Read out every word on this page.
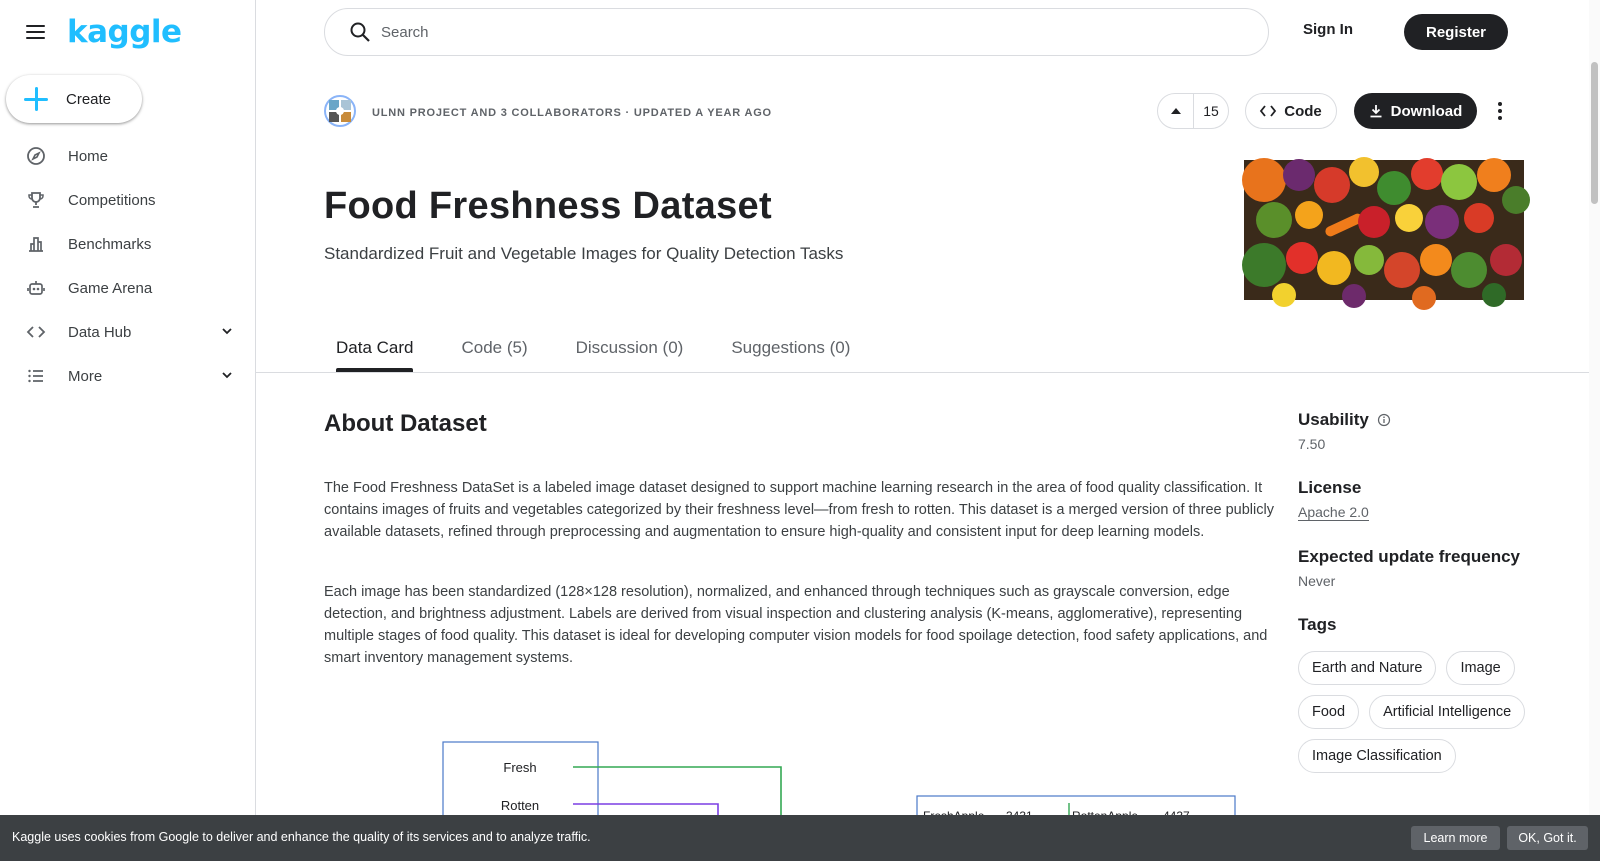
kaggle
Create
Home
Competitions
Benchmarks
Game Arena
Data Hub
More
Search
Sign In	Register
ULNN PROJECT AND 3 COLLABORATORS · UPDATED A YEAR AGO	15	Code	Download
Food Freshness Dataset
Standardized Fruit and Vegetable Images for Quality Detection Tasks
Data Card	Code (5)	Discussion (0)	Suggestions (0)
About Dataset

The Food Freshness DataSet is a labeled image dataset designed to support machine learning research in the area of food quality classification. It contains images of fruits and vegetables categorized by their freshness level—from fresh to rotten. This dataset is a merged version of three publicly available datasets, refined through preprocessing and augmentation to ensure high-quality and consistent input for deep learning models.

Each image has been standardized (128×128 resolution), normalized, and enhanced through techniques such as grayscale conversion, edge detection, and brightness adjustment. Labels are derived from visual inspection and clustering analysis (K-means, agglomerative), representing multiple stages of food quality. This dataset is ideal for developing computer vision models for food spoilage detection, food safety applications, and smart inventory management systems.

Fresh
Rotten
Usability
7.50
License
Apache 2.0
Expected update frequency
Never
Tags
Earth and Nature	Image
Food	Artificial Intelligence
Image Classification
Kaggle uses cookies from Google to deliver and enhance the quality of its services and to analyze traffic.	Learn more	OK, Got it.
